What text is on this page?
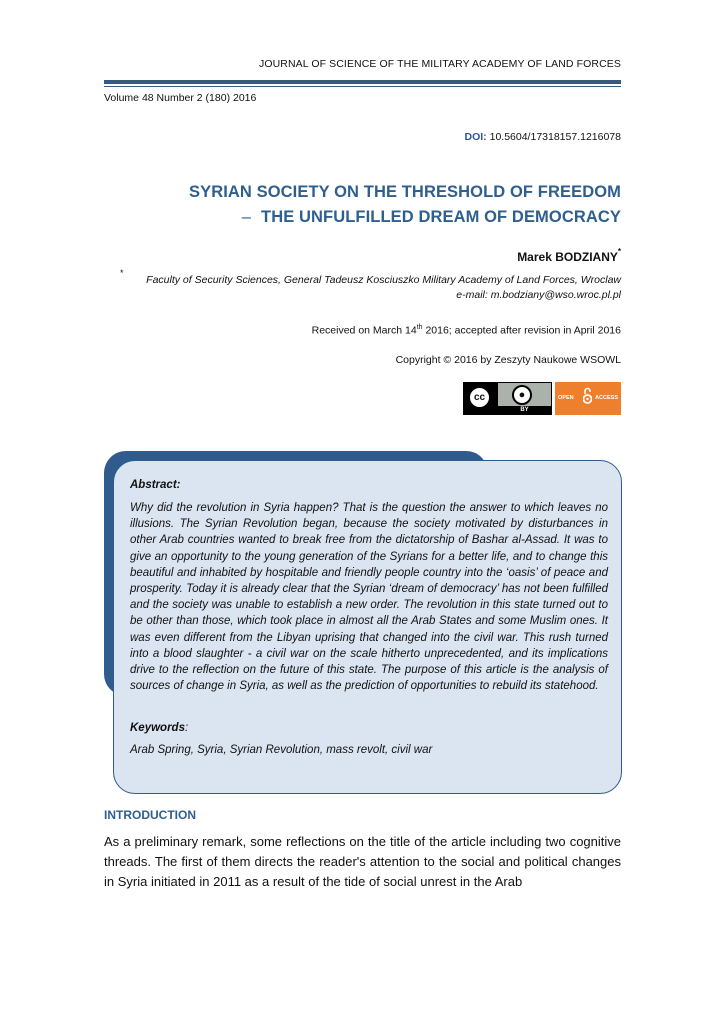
JOURNAL OF SCIENCE OF THE MILITARY ACADEMY OF LAND FORCES
Volume 48 Number 2 (180) 2016
DOI: 10.5604/17318157.1216078
SYRIAN SOCIETY ON THE THRESHOLD OF FREEDOM
– THE UNFULFILLED DREAM OF DEMOCRACY
Marek BODZIANY*
*
Faculty of Security Sciences, General Tadeusz Kosciuszko Military Academy of Land Forces, Wroclaw
e-mail: m.bodziany@wso.wroc.pl.pl
Received on March 14th 2016; accepted after revision in April 2016
Copyright © 2016 by Zeszyty Naukowe WSOWL
cc	●
BY
OPEN	ACCESS
Abstract:
Why did the revolution in Syria happen? That is the question the answer to which leaves no illusions. The Syrian Revolution began, because the society motivated by disturbances in other Arab countries wanted to break free from the dictatorship of Bashar al-Assad. It was to give an opportunity to the young generation of the Syrians for a better life, and to change this beautiful and inhabited by hospitable and friendly people country into the ‘oasis’ of peace and prosperity. Today it is already clear that the Syrian ‘dream of democracy’ has not been fulfilled and the society was unable to establish a new order. The revolution in this state turned out to be other than those, which took place in almost all the Arab States and some Muslim ones. It was even different from the Libyan uprising that changed into the civil war. This rush turned into a blood slaughter - a civil war on the scale hitherto unprecedented, and its implications drive to the reflection on the future of this state. The purpose of this article is the analysis of sources of change in Syria, as well as the prediction of opportunities to rebuild its statehood.
Keywords:
Arab Spring, Syria, Syrian Revolution, mass revolt, civil war
INTRODUCTION
As a preliminary remark, some reflections on the title of the article including two cognitive threads. The first of them directs the reader's attention to the social and political changes in Syria initiated in 2011 as a result of the tide of social unrest in the Arab
